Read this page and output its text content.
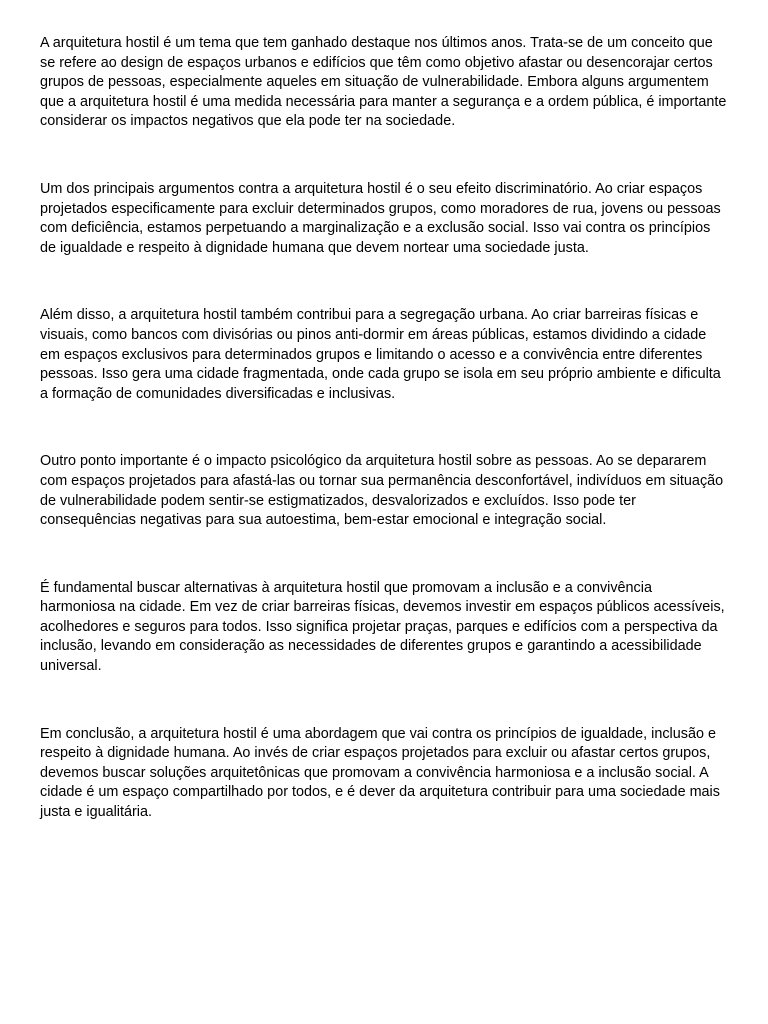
A arquitetura hostil é um tema que tem ganhado destaque nos últimos anos. Trata-se de um conceito que se refere ao design de espaços urbanos e edifícios que têm como objetivo afastar ou desencorajar certos grupos de pessoas, especialmente aqueles em situação de vulnerabilidade. Embora alguns argumentem que a arquitetura hostil é uma medida necessária para manter a segurança e a ordem pública, é importante considerar os impactos negativos que ela pode ter na sociedade.

Um dos principais argumentos contra a arquitetura hostil é o seu efeito discriminatório. Ao criar espaços projetados especificamente para excluir determinados grupos, como moradores de rua, jovens ou pessoas com deficiência, estamos perpetuando a marginalização e a exclusão social. Isso vai contra os princípios de igualdade e respeito à dignidade humana que devem nortear uma sociedade justa.

Além disso, a arquitetura hostil também contribui para a segregação urbana. Ao criar barreiras físicas e visuais, como bancos com divisórias ou pinos anti-dormir em áreas públicas, estamos dividindo a cidade em espaços exclusivos para determinados grupos e limitando o acesso e a convivência entre diferentes pessoas. Isso gera uma cidade fragmentada, onde cada grupo se isola em seu próprio ambiente e dificulta a formação de comunidades diversificadas e inclusivas.

Outro ponto importante é o impacto psicológico da arquitetura hostil sobre as pessoas. Ao se depararem com espaços projetados para afastá-las ou tornar sua permanência desconfortável, indivíduos em situação de vulnerabilidade podem sentir-se estigmatizados, desvalorizados e excluídos. Isso pode ter consequências negativas para sua autoestima, bem-estar emocional e integração social.

É fundamental buscar alternativas à arquitetura hostil que promovam a inclusão e a convivência harmoniosa na cidade. Em vez de criar barreiras físicas, devemos investir em espaços públicos acessíveis, acolhedores e seguros para todos. Isso significa projetar praças, parques e edifícios com a perspectiva da inclusão, levando em consideração as necessidades de diferentes grupos e garantindo a acessibilidade universal.

Em conclusão, a arquitetura hostil é uma abordagem que vai contra os princípios de igualdade, inclusão e respeito à dignidade humana. Ao invés de criar espaços projetados para excluir ou afastar certos grupos, devemos buscar soluções arquitetônicas que promovam a convivência harmoniosa e a inclusão social. A cidade é um espaço compartilhado por todos, e é dever da arquitetura contribuir para uma sociedade mais justa e igualitária.
